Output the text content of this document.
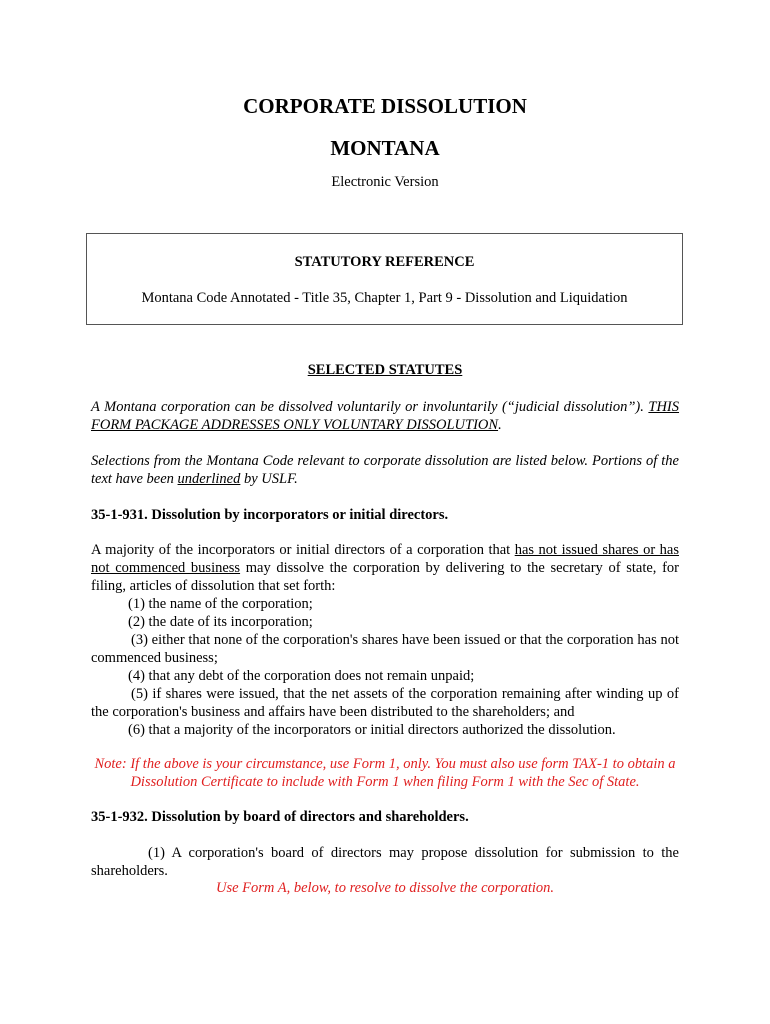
CORPORATE DISSOLUTION
MONTANA
Electronic Version
STATUTORY REFERENCE
Montana Code Annotated - Title 35, Chapter 1, Part 9 - Dissolution and Liquidation
SELECTED STATUTES
A Montana corporation can be dissolved voluntarily or involuntarily (“judicial dissolution”). THIS FORM PACKAGE ADDRESSES ONLY VOLUNTARY DISSOLUTION.
Selections from the Montana Code relevant to corporate dissolution are listed below. Portions of the text have been underlined by USLF.
35-1-931. Dissolution by incorporators or initial directors.
A majority of the incorporators or initial directors of a corporation that has not issued shares or has not commenced business may dissolve the corporation by delivering to the secretary of state, for filing, articles of dissolution that set forth:
(1) the name of the corporation;
(2) the date of its incorporation;
(3) either that none of the corporation's shares have been issued or that the corporation has not commenced business;
(4) that any debt of the corporation does not remain unpaid;
(5) if shares were issued, that the net assets of the corporation remaining after winding up of the corporation's business and affairs have been distributed to the shareholders; and
(6) that a majority of the incorporators or initial directors authorized the dissolution.
Note: If the above is your circumstance, use Form 1, only. You must also use form TAX-1 to obtain a Dissolution Certificate to include with Form 1 when filing Form 1 with the Sec of State.
35-1-932. Dissolution by board of directors and shareholders.
(1) A corporation's board of directors may propose dissolution for submission to the shareholders.
Use Form A, below, to resolve to dissolve the corporation.
